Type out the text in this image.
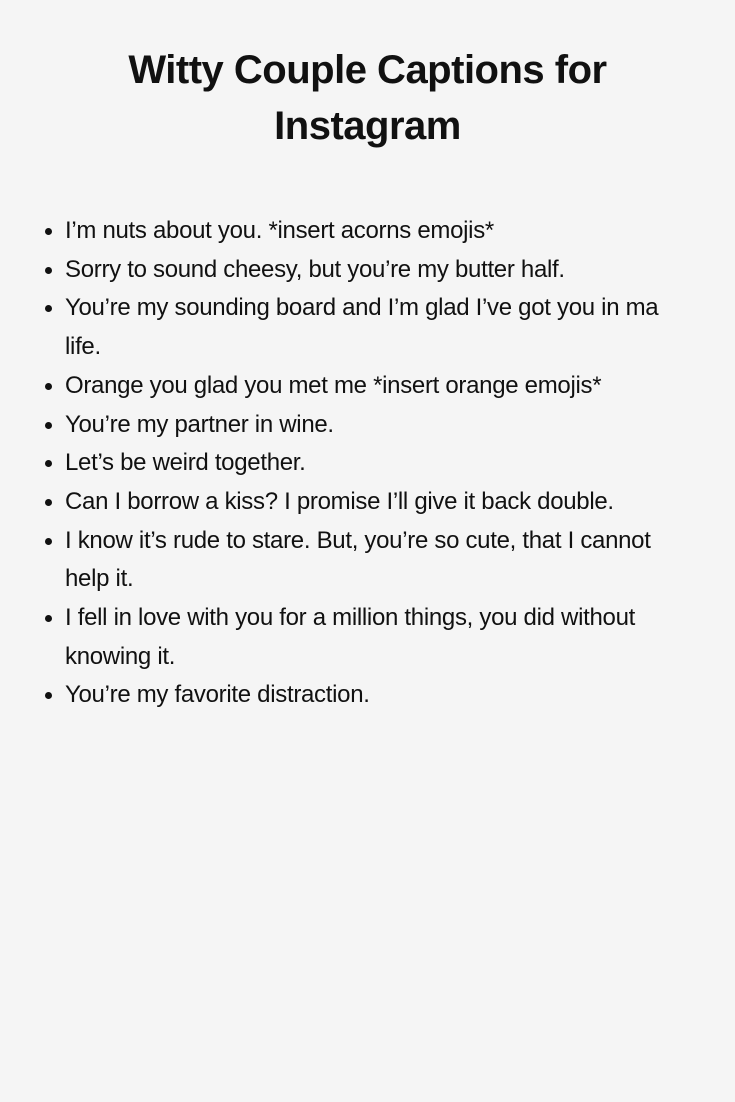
Witty Couple Captions for Instagram
• I’m nuts about you. *insert acorns emojis*
• Sorry to sound cheesy, but you’re my butter half.
• You’re my sounding board and I’m glad I’ve got you in ma life.
• Orange you glad you met me *insert orange emojis*
• You’re my partner in wine.
• Let’s be weird together.
• Can I borrow a kiss? I promise I’ll give it back double.
• I know it’s rude to stare. But, you’re so cute, that I cannot help it.
• I fell in love with you for a million things, you did without knowing it.
• You’re my favorite distraction.
